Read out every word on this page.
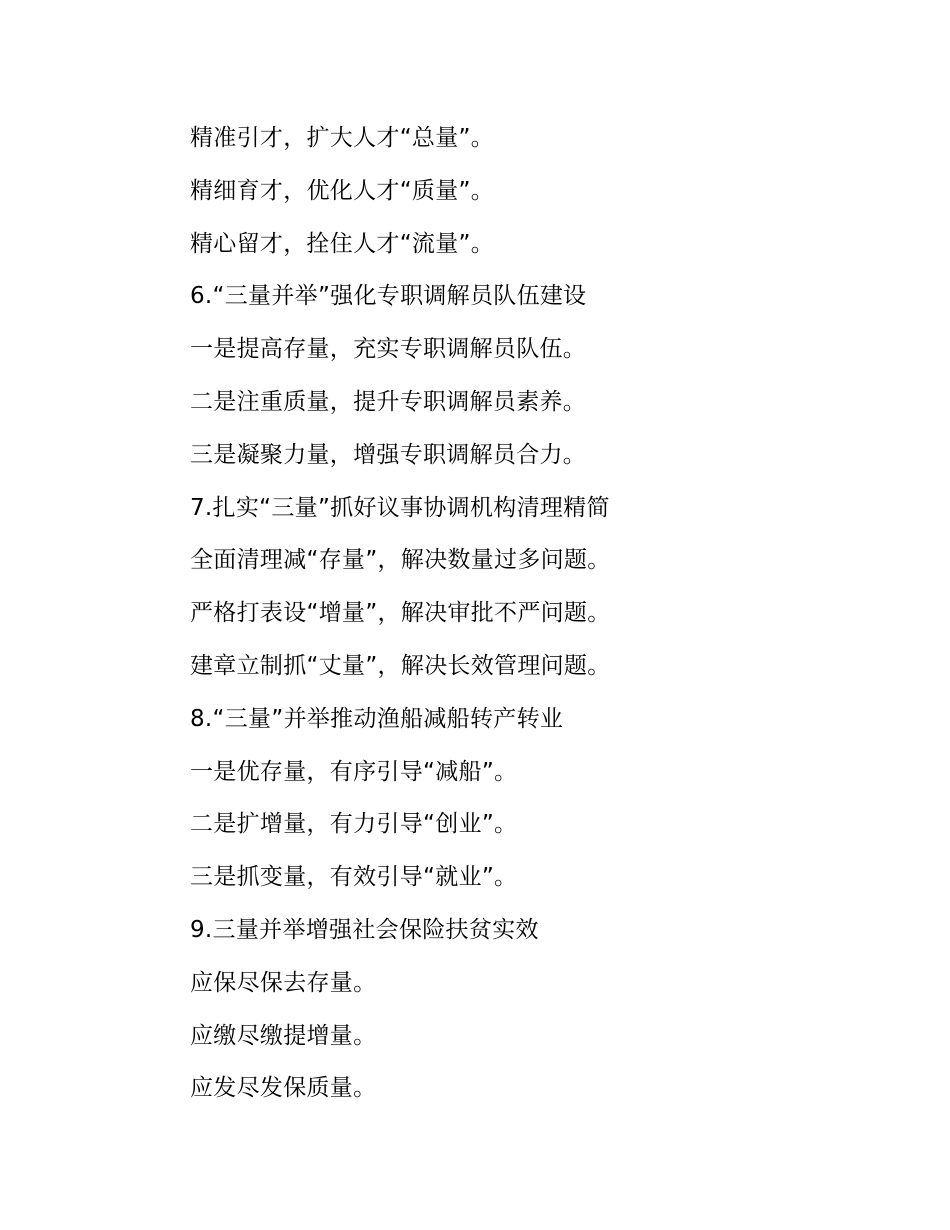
精准引才，扩大人才“总量”。
精细育才，优化人才“质量”。
精心留才，拴住人才“流量”。
6.“三量并举”强化专职调解员队伍建设
一是提高存量，充实专职调解员队伍。
二是注重质量，提升专职调解员素养。
三是凝聚力量，增强专职调解员合力。
7.扎实“三量”抓好议事协调机构清理精简
全面清理减“存量”，解决数量过多问题。
严格打表设“增量”，解决审批不严问题。
建章立制抓“丈量”，解决长效管理问题。
8.“三量”并举推动渔船减船转产转业
一是优存量，有序引导“减船”。
二是扩增量，有力引导“创业”。
三是抓变量，有效引导“就业”。
9.三量并举增强社会保险扶贫实效
应保尽保去存量。
应缴尽缴提增量。
应发尽发保质量。
